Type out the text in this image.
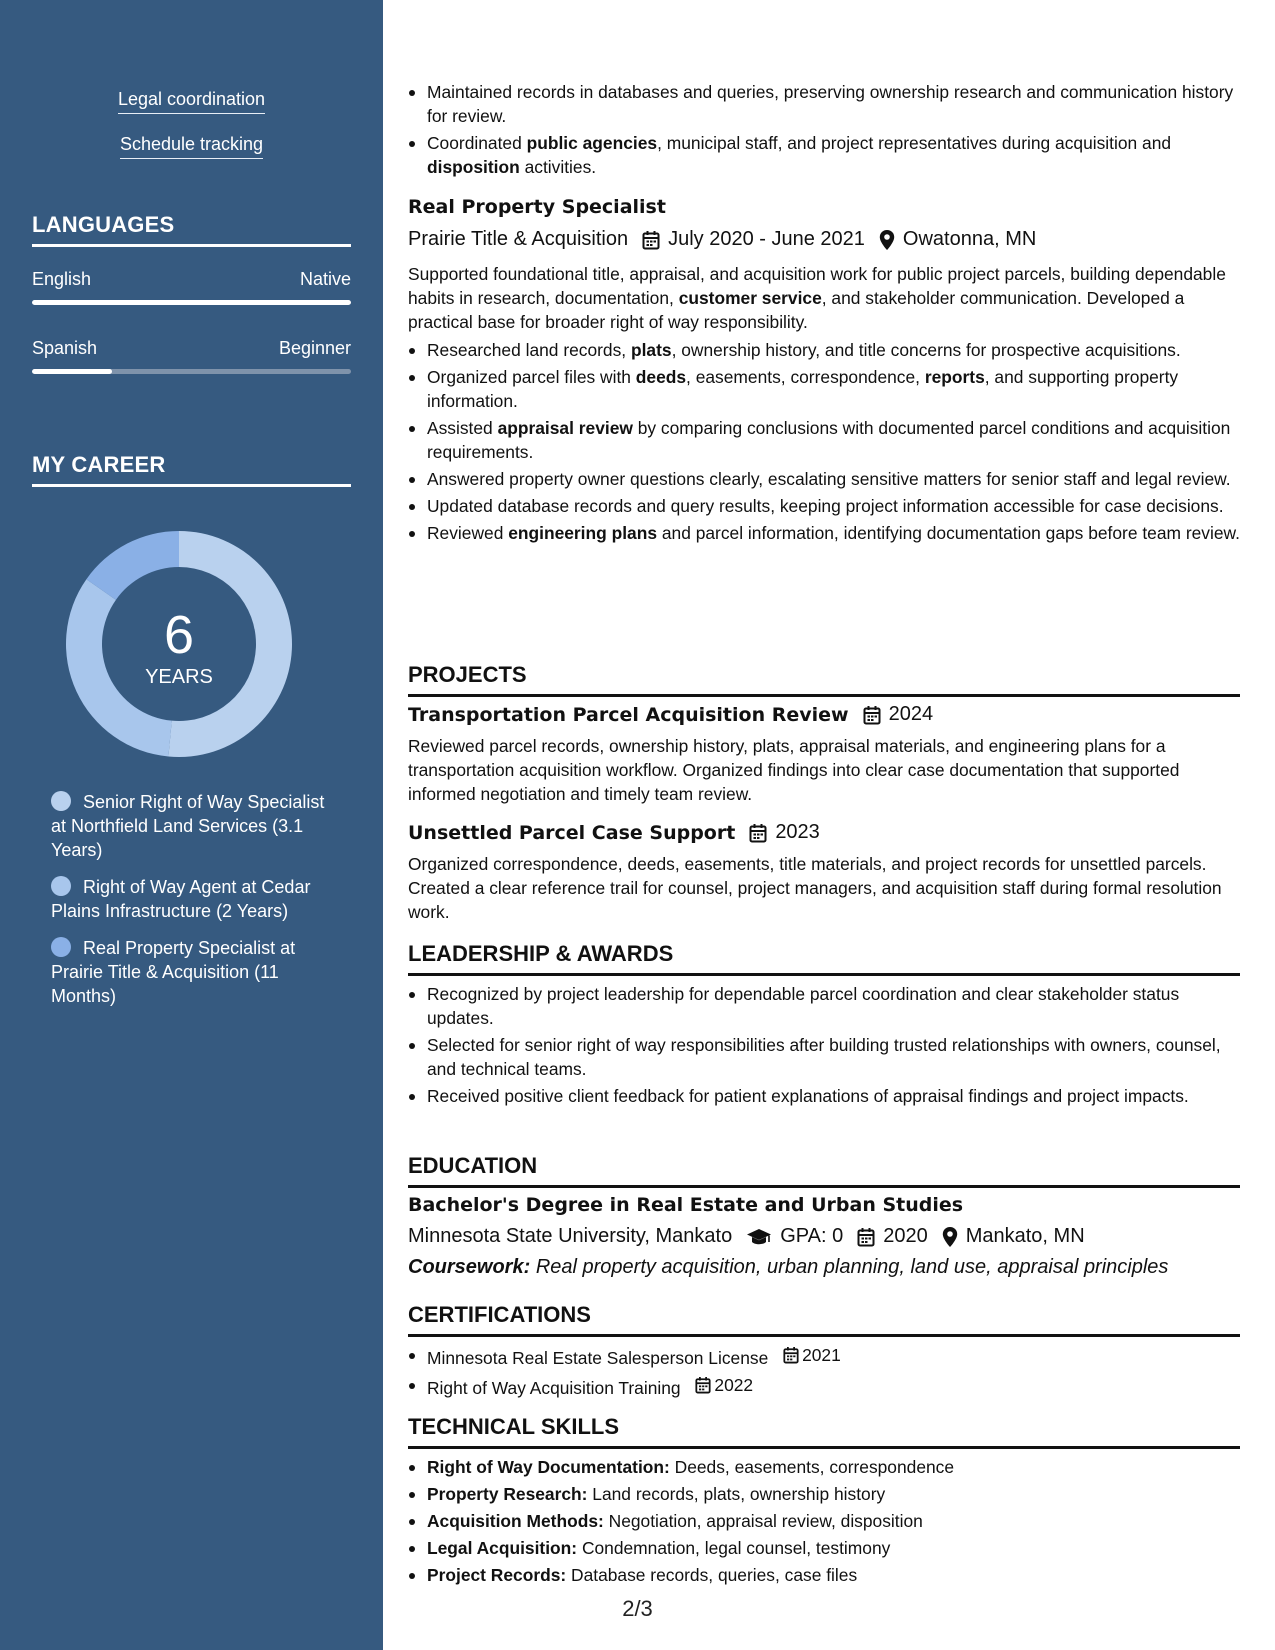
Legal coordination
Schedule tracking
LANGUAGES
English	Native
Spanish	Beginner
MY CAREER
6
YEARS
Senior Right of Way Specialist at Northfield Land Services (3.1 Years)
Right of Way Agent at Cedar Plains Infrastructure (2 Years)
Real Property Specialist at Prairie Title & Acquisition (11 Months)
Maintained records in databases and queries, preserving ownership research and communication history for review.
Coordinated public agencies, municipal staff, and project representatives during acquisition and disposition activities.
Real Property Specialist
Prairie Title & Acquisition July 2020 - June 2021 Owatonna, MN

Supported foundational title, appraisal, and acquisition work for public project parcels, building dependable habits in research, documentation, customer service, and stakeholder communication. Developed a practical base for broader right of way responsibility.

Researched land records, plats, ownership history, and title concerns for prospective acquisitions.
Organized parcel files with deeds, easements, correspondence, reports, and supporting property information.
Assisted appraisal review by comparing conclusions with documented parcel conditions and acquisition requirements.
Answered property owner questions clearly, escalating sensitive matters for senior staff and legal review.
Updated database records and query results, keeping project information accessible for case decisions.
Reviewed engineering plans and parcel information, identifying documentation gaps before team review.
PROJECTS
Transportation Parcel Acquisition Review 2024

Reviewed parcel records, ownership history, plats, appraisal materials, and engineering plans for a transportation acquisition workflow. Organized findings into clear case documentation that supported informed negotiation and timely team review.

Unsettled Parcel Case Support 2023

Organized correspondence, deeds, easements, title materials, and project records for unsettled parcels. Created a clear reference trail for counsel, project managers, and acquisition staff during formal resolution work.

LEADERSHIP & AWARDS
Recognized by project leadership for dependable parcel coordination and clear stakeholder status updates.
Selected for senior right of way responsibilities after building trusted relationships with owners, counsel, and technical teams.
Received positive client feedback for patient explanations of appraisal findings and project impacts.
EDUCATION
Bachelor's Degree in Real Estate and Urban Studies
Minnesota State University, Mankato GPA: 0 2020 Mankato, MN
Coursework: Real property acquisition, urban planning, land use, appraisal principles
CERTIFICATIONS
Minnesota Real Estate Salesperson License 2021
Right of Way Acquisition Training 2022
TECHNICAL SKILLS
Right of Way Documentation: Deeds, easements, correspondence
Property Research: Land records, plats, ownership history
Acquisition Methods: Negotiation, appraisal review, disposition
Legal Acquisition: Condemnation, legal counsel, testimony
Project Records: Database records, queries, case files
2/3
